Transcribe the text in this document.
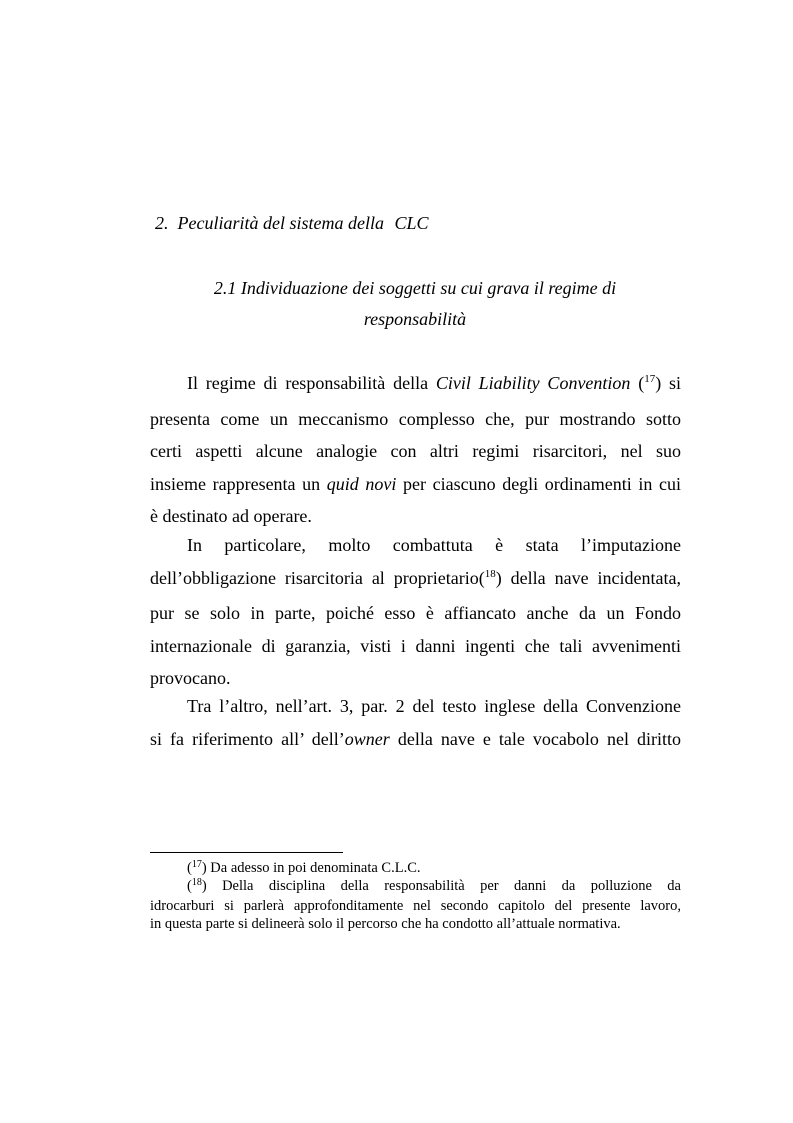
2. Peculiarità del sistema della CLC
2.1 Individuazione dei soggetti su cui grava il regime di
responsabilità
Il regime di responsabilità della Civil Liability Convention ($^{17}$) si
presenta come un meccanismo complesso che, pur mostrando sotto
certi aspetti alcune analogie con altri regimi risarcitori, nel suo
insieme rappresenta un quid novi per ciascuno degli ordinamenti in cui
è destinato ad operare.
In particolare, molto combattuta è stata l’imputazione
dell’obbligazione risarcitoria al proprietario($^{18}$) della nave incidentata,
pur se solo in parte, poiché esso è affiancato anche da un Fondo
internazionale di garanzia, visti i danni ingenti che tali avvenimenti
provocano.
Tra l’altro, nell’art. 3, par. 2 del testo inglese della Convenzione
si fa riferimento all’ dell’owner della nave e tale vocabolo nel diritto
($^{17}$) Da adesso in poi denominata C.L.C.
($^{18}$) Della disciplina della responsabilità per danni da polluzione da
idrocarburi si parlerà approfonditamente nel secondo capitolo del presente lavoro,
in questa parte si delineerà solo il percorso che ha condotto all’attuale normativa.
